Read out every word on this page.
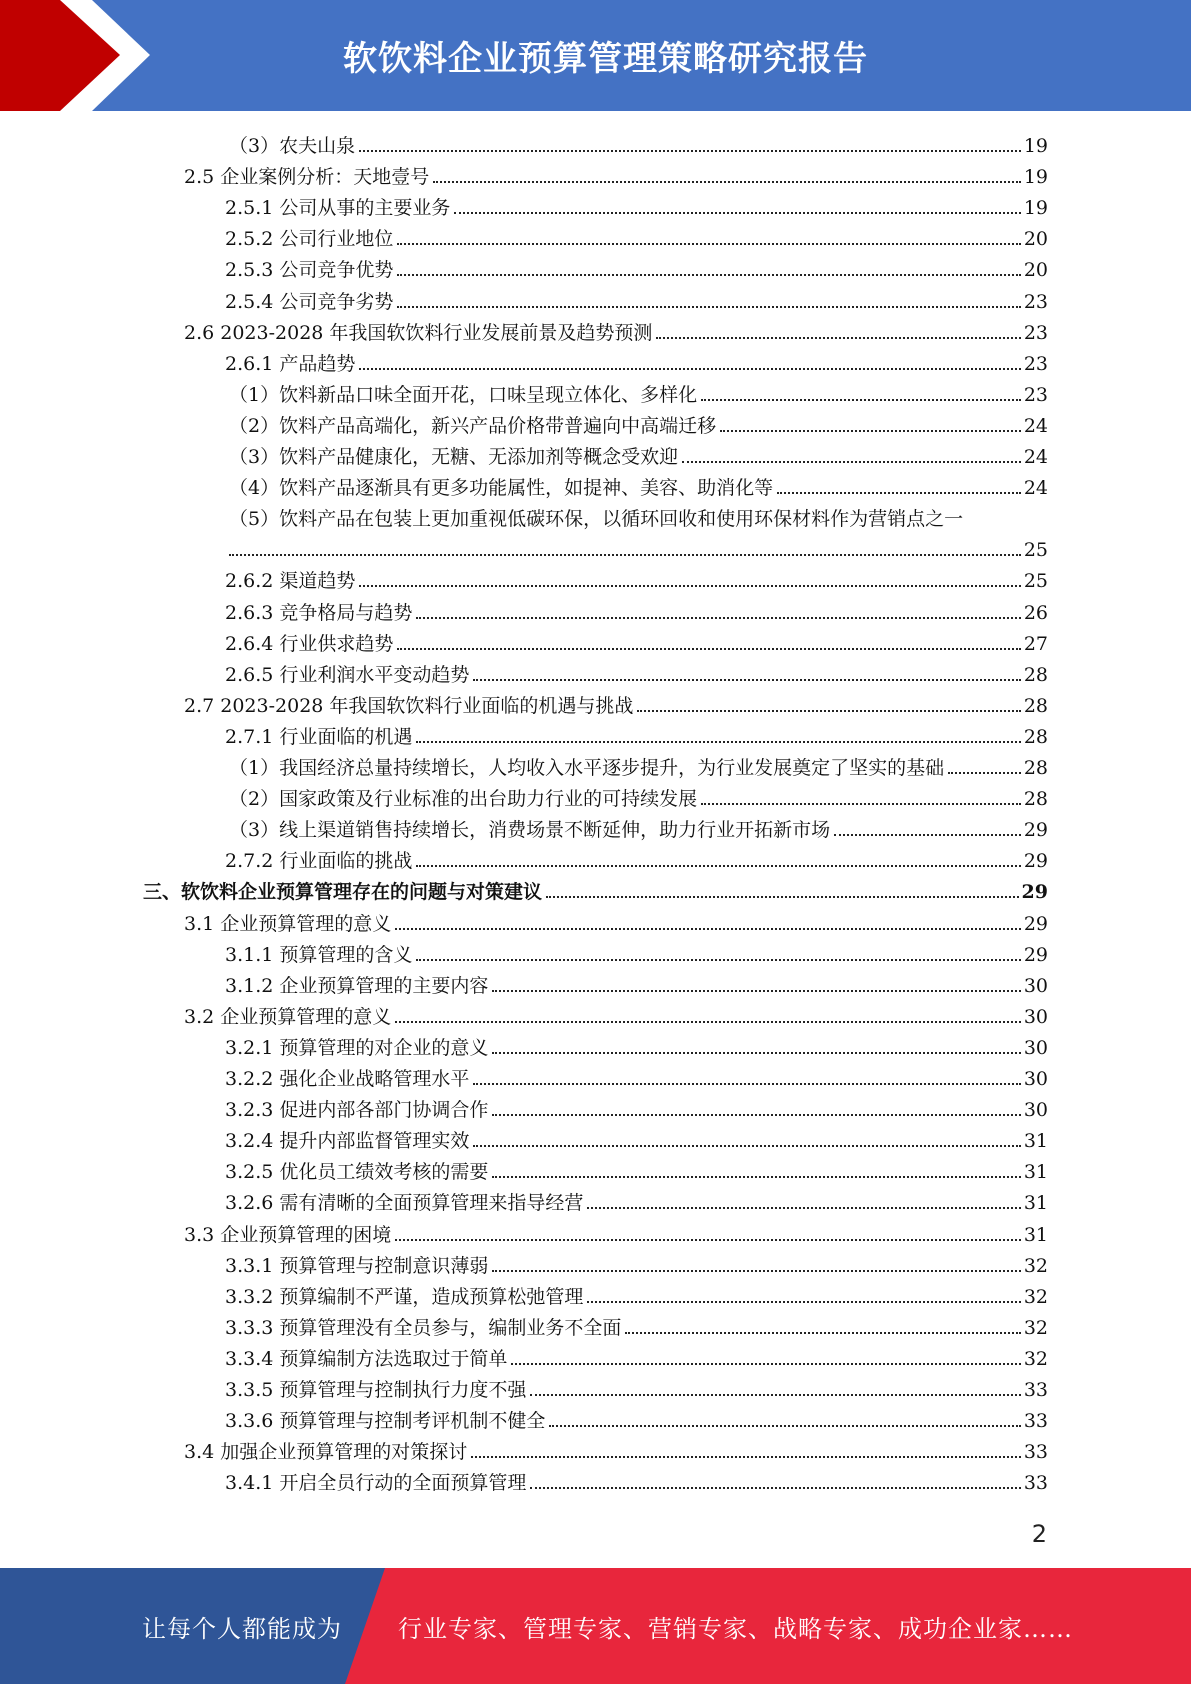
软饮料企业预算管理策略研究报告
（3）农夫山泉	19
2.5 企业案例分析：天地壹号	19
2.5.1 公司从事的主要业务	19
2.5.2 公司行业地位	20
2.5.3 公司竞争优势	20
2.5.4 公司竞争劣势	23
2.6 2023-2028 年我国软饮料行业发展前景及趋势预测	23
2.6.1 产品趋势	23
（1）饮料新品口味全面开花，口味呈现立体化、多样化	23
（2）饮料产品高端化，新兴产品价格带普遍向中高端迁移	24
（3）饮料产品健康化，无糖、无添加剂等概念受欢迎	24
（4）饮料产品逐渐具有更多功能属性，如提神、美容、助消化等	24
（5）饮料产品在包装上更加重视低碳环保，以循环回收和使用环保材料作为营销点之一
25
2.6.2 渠道趋势	25
2.6.3 竞争格局与趋势	26
2.6.4 行业供求趋势	27
2.6.5 行业利润水平变动趋势	28
2.7 2023-2028 年我国软饮料行业面临的机遇与挑战	28
2.7.1 行业面临的机遇	28
（1）我国经济总量持续增长，人均收入水平逐步提升，为行业发展奠定了坚实的基础	28
（2）国家政策及行业标准的出台助力行业的可持续发展	28
（3）线上渠道销售持续增长，消费场景不断延伸，助力行业开拓新市场	29
2.7.2 行业面临的挑战	29
三、软饮料企业预算管理存在的问题与对策建议	29
3.1 企业预算管理的意义	29
3.1.1 预算管理的含义	29
3.1.2 企业预算管理的主要内容	30
3.2 企业预算管理的意义	30
3.2.1 预算管理的对企业的意义	30
3.2.2 强化企业战略管理水平	30
3.2.3 促进内部各部门协调合作	30
3.2.4 提升内部监督管理实效	31
3.2.5 优化员工绩效考核的需要	31
3.2.6 需有清晰的全面预算管理来指导经营	31
3.3 企业预算管理的困境	31
3.3.1 预算管理与控制意识薄弱	32
3.3.2 预算编制不严谨，造成预算松弛管理	32
3.3.3 预算管理没有全员参与，编制业务不全面	32
3.3.4 预算编制方法选取过于简单	32
3.3.5 预算管理与控制执行力度不强	33
3.3.6 预算管理与控制考评机制不健全	33
3.4 加强企业预算管理的对策探讨	33
3.4.1 开启全员行动的全面预算管理	33
2
让每个人都能成为 行业专家、管理专家、营销专家、战略专家、成功企业家……
